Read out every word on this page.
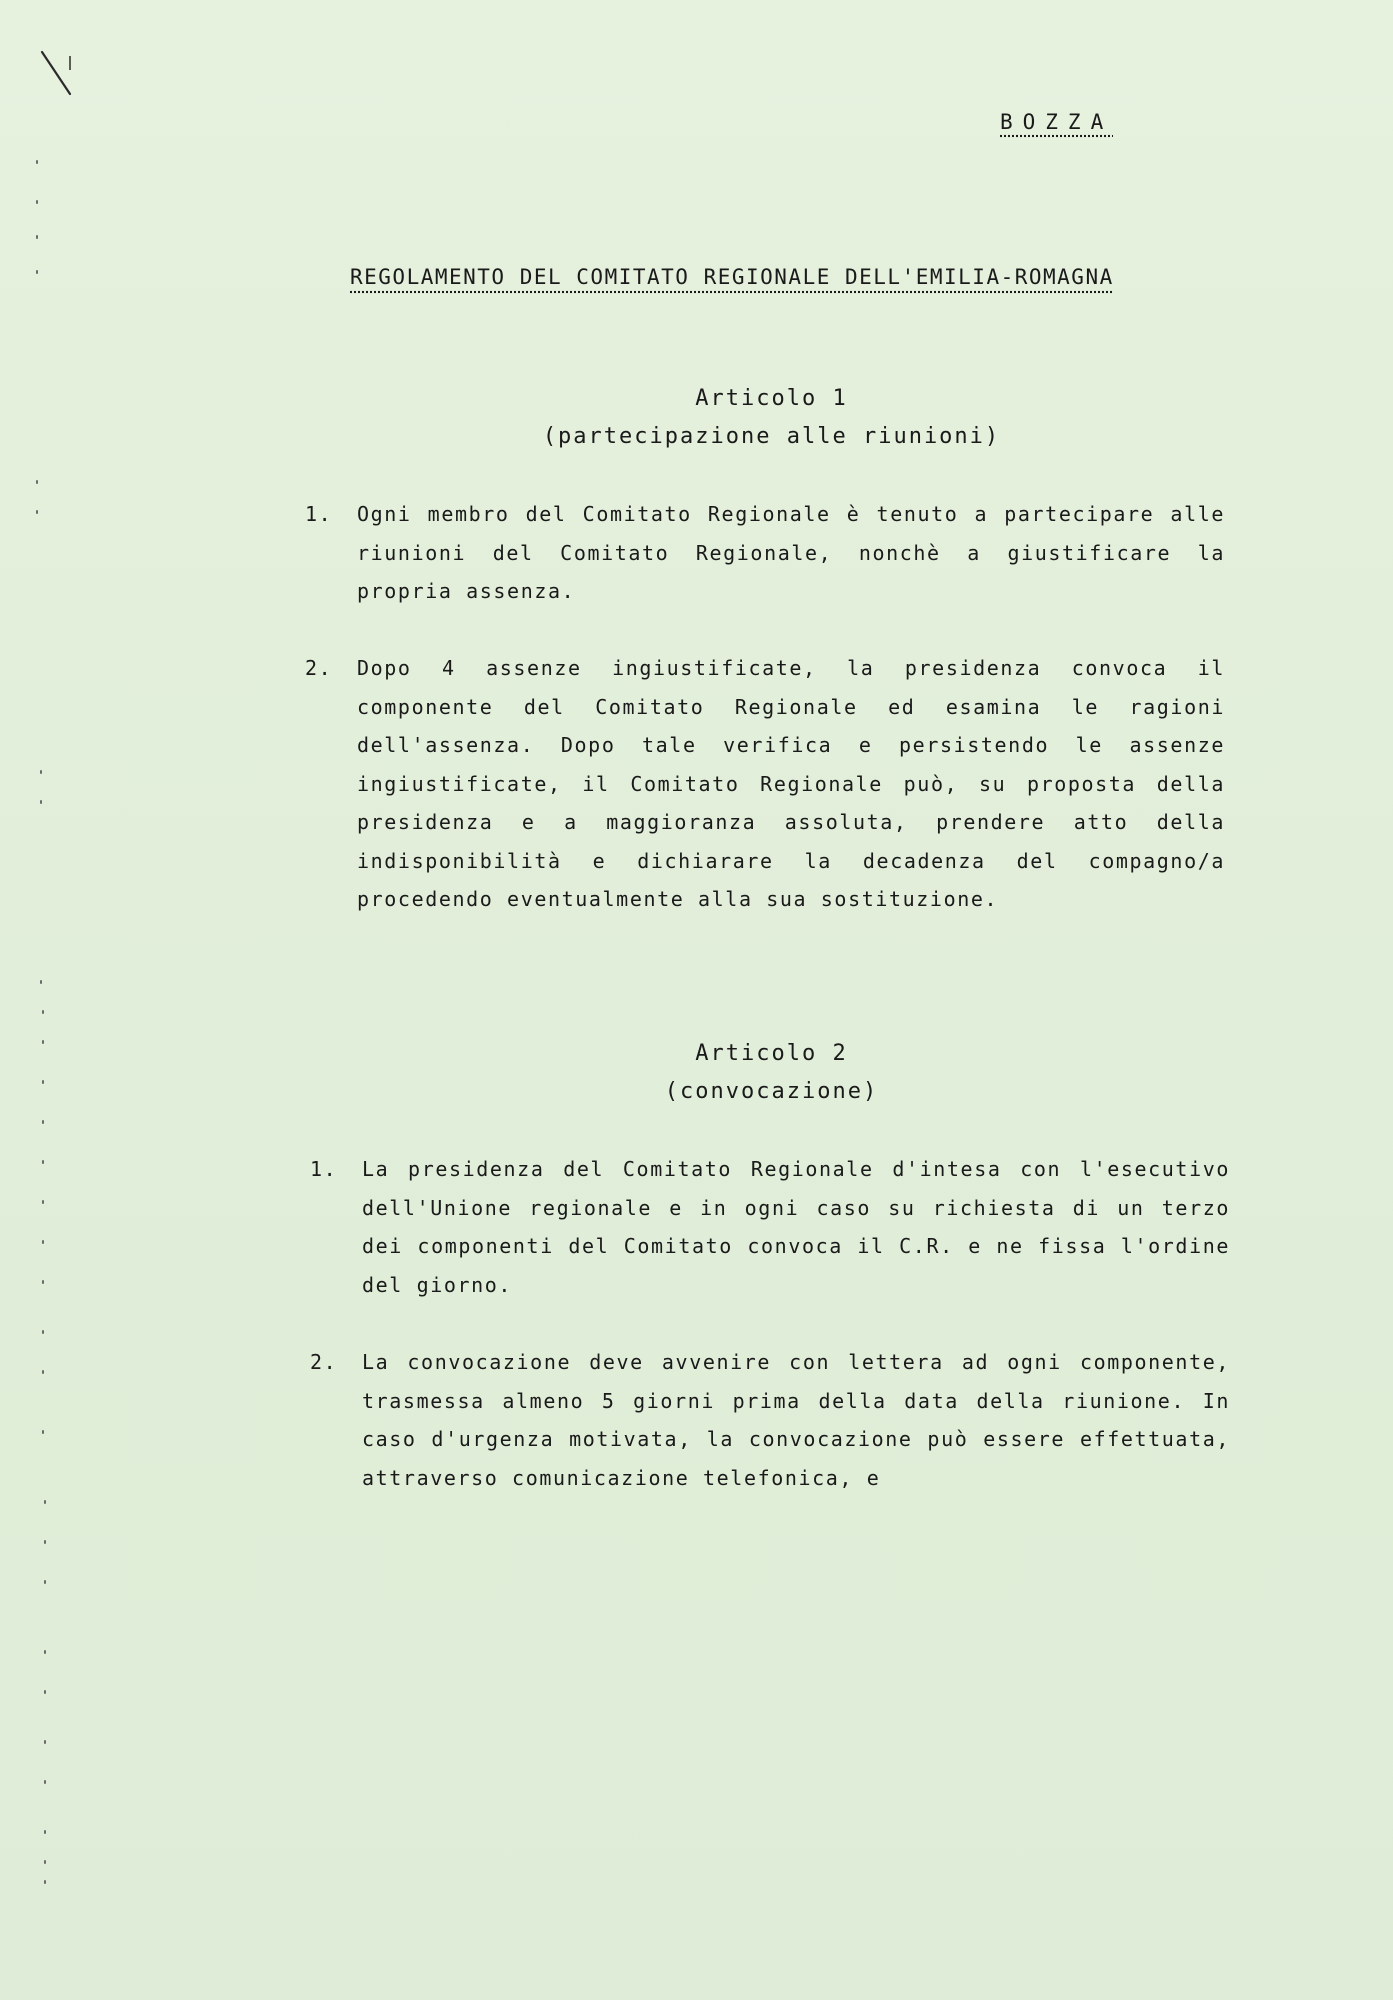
BOZZA
REGOLAMENTO DEL COMITATO REGIONALE DELL'EMILIA-ROMAGNA
Articolo 1
(partecipazione alle riunioni)
1. Ogni membro del Comitato Regionale è tenuto a partecipare alle riunioni del Comitato Regionale, nonchè a giustificare la propria assenza.
2. Dopo 4 assenze ingiustificate, la presidenza convoca il componente del Comitato Regionale ed esamina le ragioni dell'assenza. Dopo tale verifica e persistendo le assenze ingiustificate, il Comitato Regionale può, su proposta della presidenza e a maggioranza assoluta, prendere atto della indisponibilità e dichiarare la decadenza del compagno/a procedendo eventualmente alla sua sostituzione.
Articolo 2
(convocazione)
1. La presidenza del Comitato Regionale d'intesa con l'esecutivo dell'Unione regionale e in ogni caso su richiesta di un terzo dei componenti del Comitato convoca il C.R. e ne fissa l'ordine del giorno.
2. La convocazione deve avvenire con lettera ad ogni componente, trasmessa almeno 5 giorni prima della data della riunione. In caso d'urgenza motivata, la convocazione può essere effettuata, attraverso comunicazione telefonica, e
